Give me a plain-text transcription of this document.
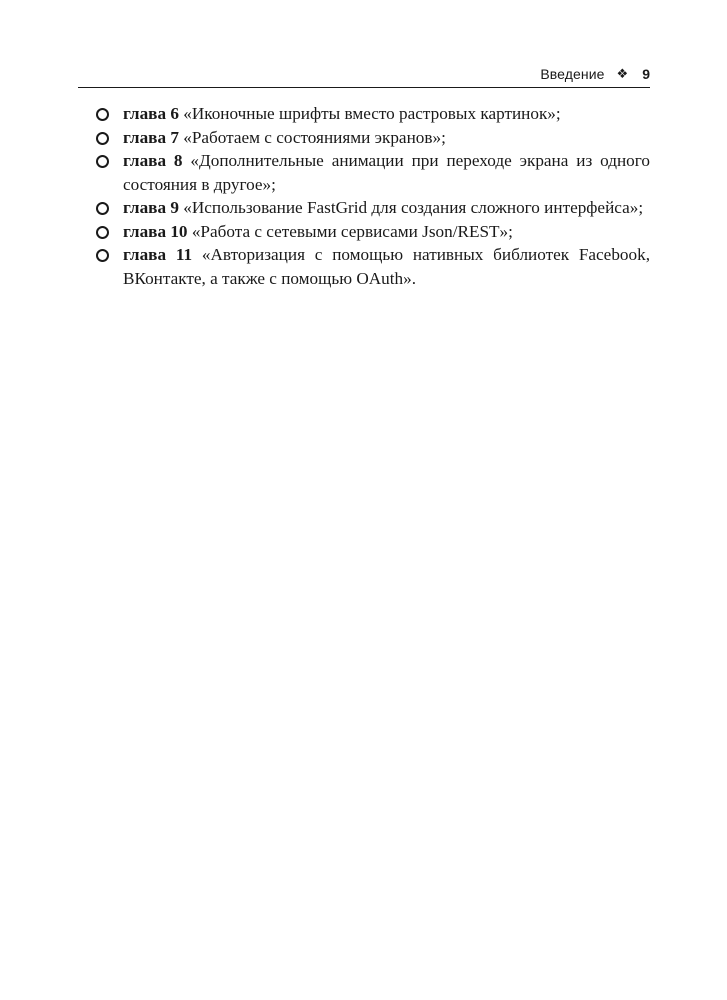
Введение ❖ 9
глава 6 «Иконочные шрифты вместо растровых картинок»;
глава 7 «Работаем с состояниями экранов»;
глава 8 «Дополнительные анимации при переходе экрана из одного состояния в другое»;
глава 9 «Использование FastGrid для создания сложного интерфейса»;
глава 10 «Работа с сетевыми сервисами Json/REST»;
глава 11 «Авторизация с помощью нативных библиотек Facebook, ВКонтакте, а также с помощью OAuth».
